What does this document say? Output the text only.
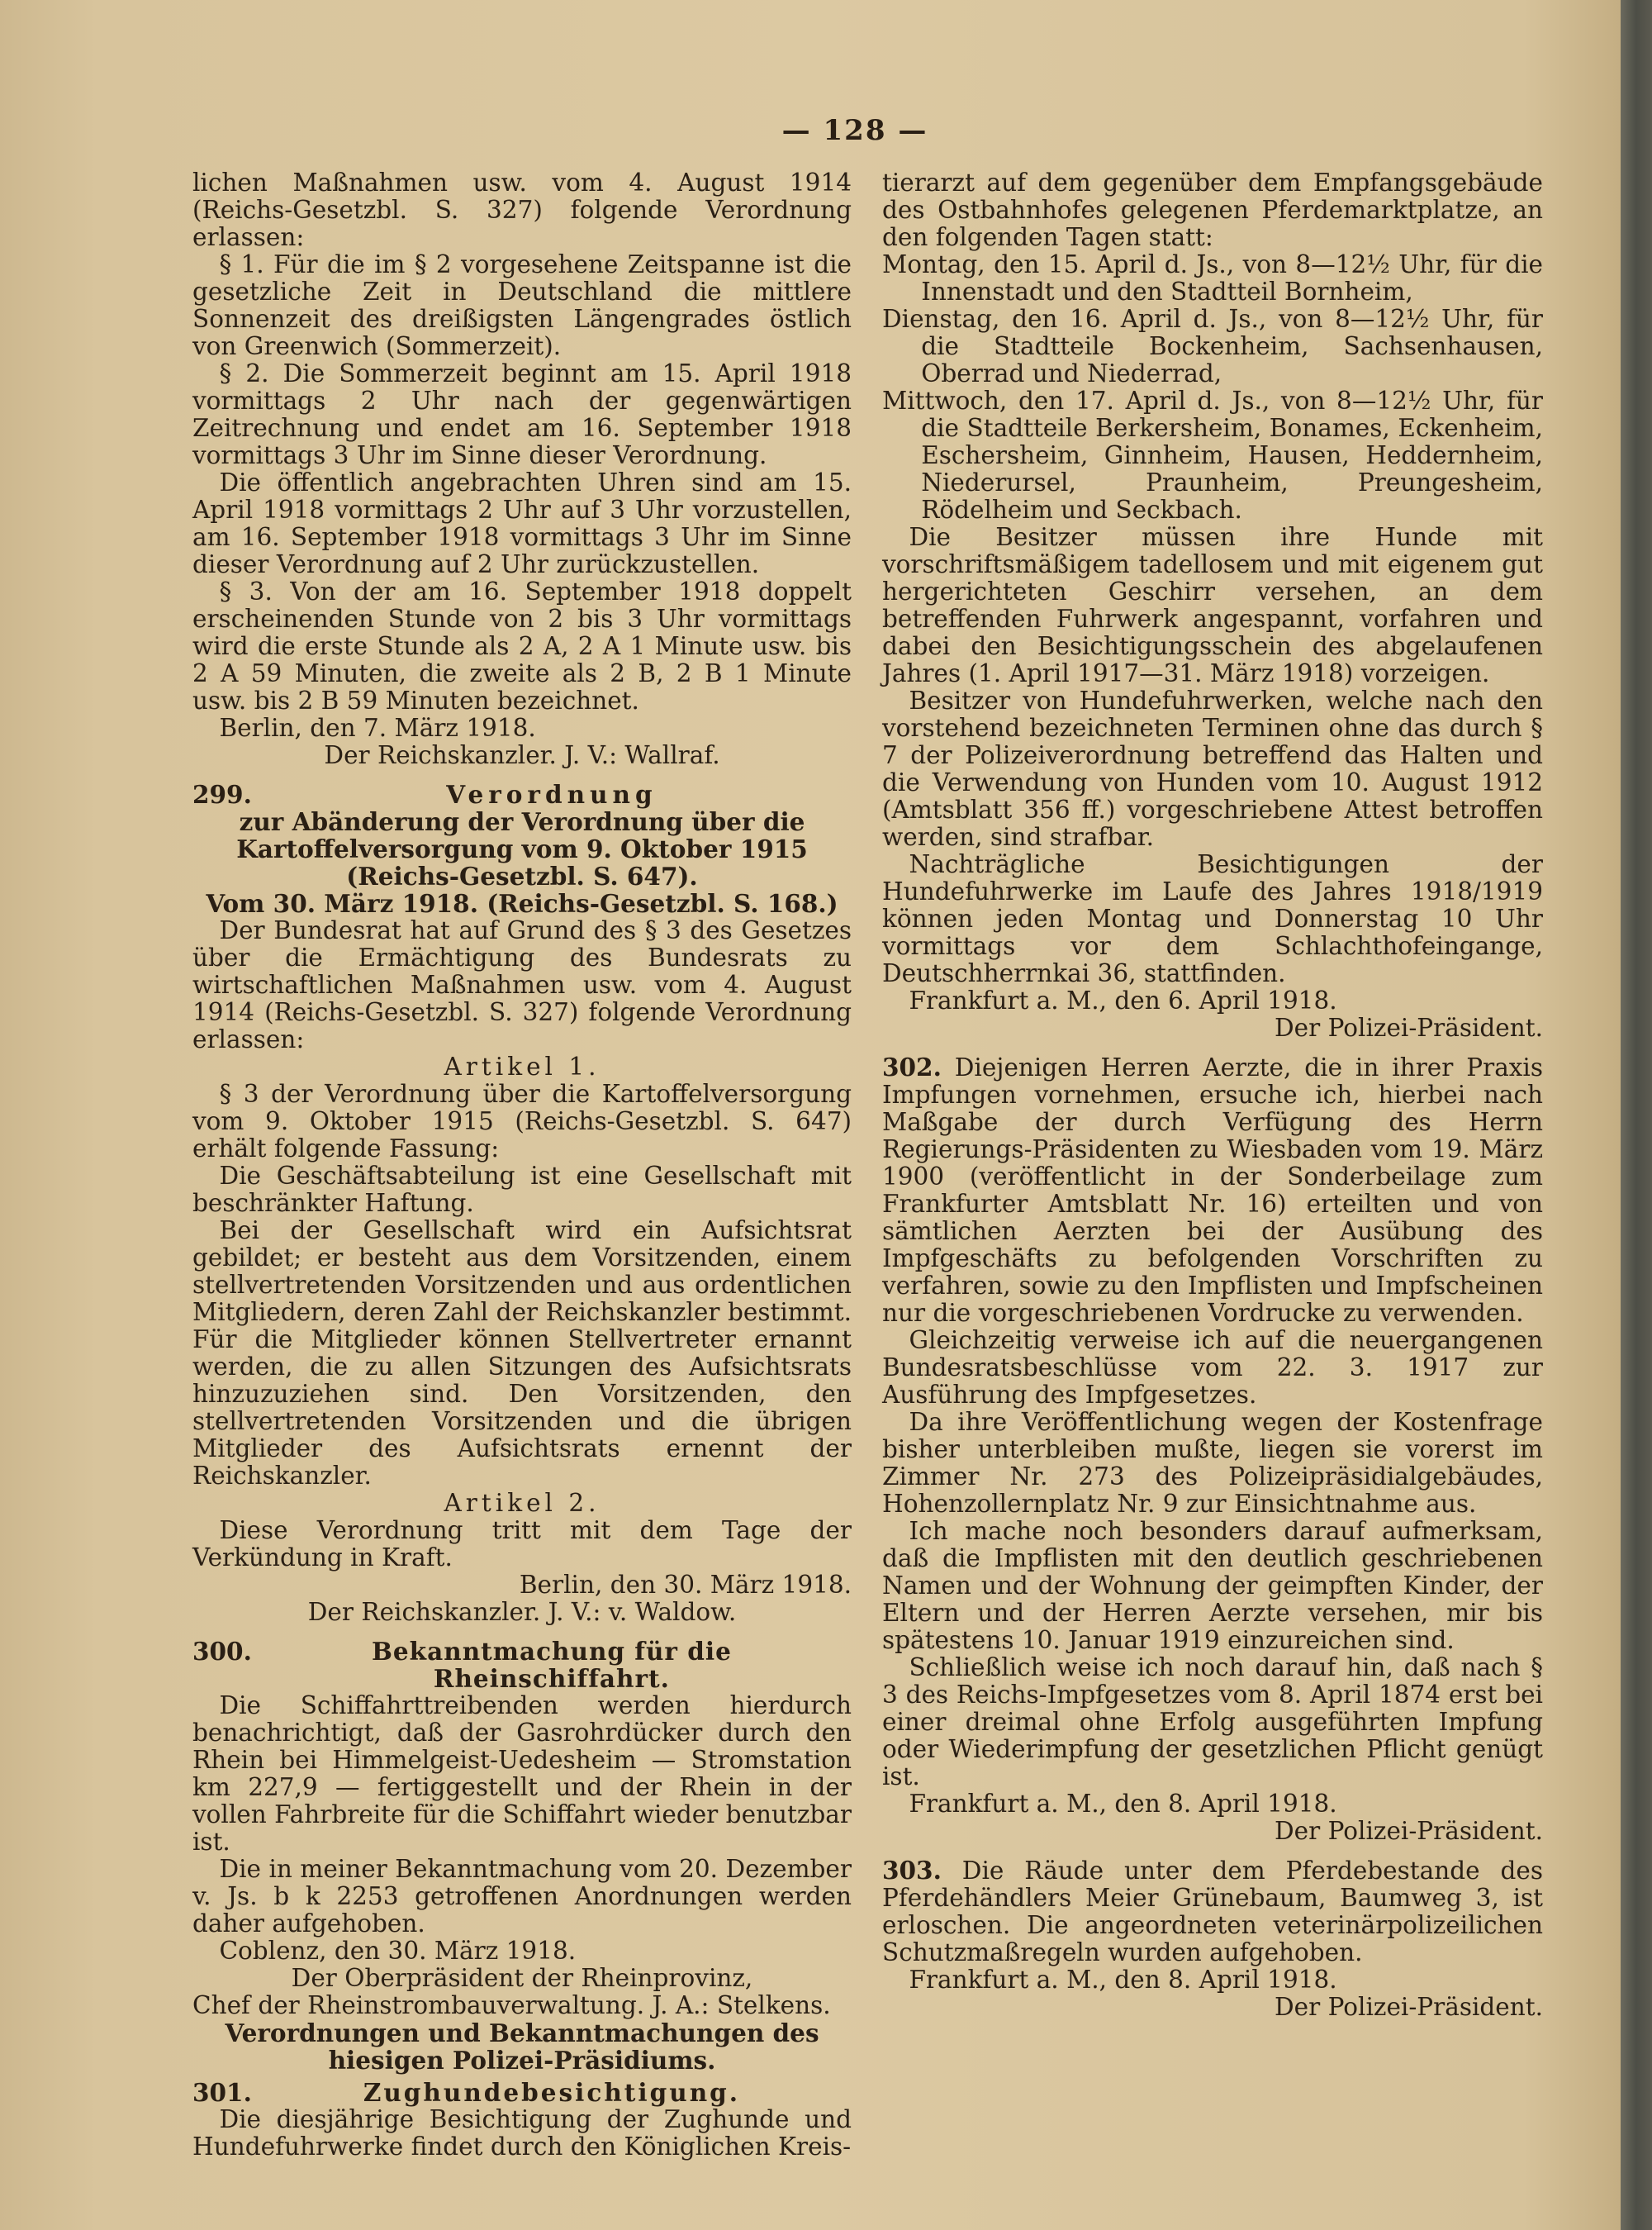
— 128 —

lichen Maßnahmen usw. vom 4. August 1914 (Reichs-Gesetzbl. S. 327) folgende Verordnung erlassen:

§ 1. Für die im § 2 vorgesehene Zeitspanne ist die gesetzliche Zeit in Deutschland die mittlere Sonnenzeit des dreißigsten Längengrades östlich von Greenwich (Sommerzeit).

§ 2. Die Sommerzeit beginnt am 15. April 1918 vormittags 2 Uhr nach der gegenwärtigen Zeitrechnung und endet am 16. September 1918 vormittags 3 Uhr im Sinne dieser Verordnung.

Die öffentlich angebrachten Uhren sind am 15. April 1918 vormittags 2 Uhr auf 3 Uhr vorzustellen, am 16. September 1918 vormittags 3 Uhr im Sinne dieser Verordnung auf 2 Uhr zurückzustellen.

§ 3. Von der am 16. September 1918 doppelt erscheinenden Stunde von 2 bis 3 Uhr vormittags wird die erste Stunde als 2 A, 2 A 1 Minute usw. bis 2 A 59 Minuten, die zweite als 2 B, 2 B 1 Minute usw. bis 2 B 59 Minuten bezeichnet.

Berlin, den 7. März 1918.

Der Reichskanzler. J. V.: Wallraf.

299.	Verordnung

zur Abänderung der Verordnung über die Kartoffelversorgung vom 9. Oktober 1915 (Reichs-Gesetzbl. S. 647).

Vom 30. März 1918. (Reichs-Gesetzbl. S. 168.)

Der Bundesrat hat auf Grund des § 3 des Gesetzes über die Ermächtigung des Bundesrats zu wirtschaftlichen Maßnahmen usw. vom 4. August 1914 (Reichs-Gesetzbl. S. 327) folgende Verordnung erlassen:

Artikel 1.

§ 3 der Verordnung über die Kartoffelversorgung vom 9. Oktober 1915 (Reichs-Gesetzbl. S. 647) erhält folgende Fassung:

Die Geschäftsabteilung ist eine Gesellschaft mit beschränkter Haftung.

Bei der Gesellschaft wird ein Aufsichtsrat gebildet; er besteht aus dem Vorsitzenden, einem stellvertretenden Vorsitzenden und aus ordentlichen Mitgliedern, deren Zahl der Reichskanzler bestimmt. Für die Mitglieder können Stellvertreter ernannt werden, die zu allen Sitzungen des Aufsichtsrats hinzuzuziehen sind. Den Vorsitzenden, den stellvertretenden Vorsitzenden und die übrigen Mitglieder des Aufsichtsrats ernennt der Reichskanzler.

Artikel 2.

Diese Verordnung tritt mit dem Tage der Verkündung in Kraft.

Berlin, den 30. März 1918.

Der Reichskanzler. J. V.: v. Waldow.

300.	Bekanntmachung für die Rheinschiffahrt.

Die Schiffahrttreibenden werden hierdurch benachrichtigt, daß der Gasrohrdücker durch den Rhein bei Himmelgeist-Uedesheim — Stromstation km 227,9 — fertiggestellt und der Rhein in der vollen Fahrbreite für die Schiffahrt wieder benutzbar ist.

Die in meiner Bekanntmachung vom 20. Dezember v. Js. b k 2253 getroffenen Anordnungen werden daher aufgehoben.

Coblenz, den 30. März 1918.

Der Oberpräsident der Rheinprovinz,

Chef der Rheinstrombauverwaltung. J. A.: Stelkens.

Verordnungen und Bekanntmachungen des hiesigen Polizei-Präsidiums.

301.	Zughundebesichtigung.

Die diesjährige Besichtigung der Zughunde und Hundefuhrwerke findet durch den Königlichen Kreis-

tierarzt auf dem gegenüber dem Empfangsgebäude des Ostbahnhofes gelegenen Pferdemarktplatze, an den folgenden Tagen statt:

Montag, den 15. April d. Js., von 8—12½ Uhr, für die Innenstadt und den Stadtteil Bornheim,

Dienstag, den 16. April d. Js., von 8—12½ Uhr, für die Stadtteile Bockenheim, Sachsenhausen, Oberrad und Niederrad,

Mittwoch, den 17. April d. Js., von 8—12½ Uhr, für die Stadtteile Berkersheim, Bonames, Eckenheim, Eschersheim, Ginnheim, Hausen, Heddernheim, Niederursel, Praunheim, Preungesheim, Rödelheim und Seckbach.

Die Besitzer müssen ihre Hunde mit vorschriftsmäßigem tadellosem und mit eigenem gut hergerichteten Geschirr versehen, an dem betreffenden Fuhrwerk angespannt, vorfahren und dabei den Besichtigungsschein des abgelaufenen Jahres (1. April 1917—31. März 1918) vorzeigen.

Besitzer von Hundefuhrwerken, welche nach den vorstehend bezeichneten Terminen ohne das durch § 7 der Polizeiverordnung betreffend das Halten und die Verwendung von Hunden vom 10. August 1912 (Amtsblatt 356 ff.) vorgeschriebene Attest betroffen werden, sind strafbar.

Nachträgliche Besichtigungen der Hundefuhrwerke im Laufe des Jahres 1918/1919 können jeden Montag und Donnerstag 10 Uhr vormittags vor dem Schlachthofeingange, Deutschherrnkai 36, stattfinden.

Frankfurt a. M., den 6. April 1918.

Der Polizei-Präsident.

302. Diejenigen Herren Aerzte, die in ihrer Praxis Impfungen vornehmen, ersuche ich, hierbei nach Maßgabe der durch Verfügung des Herrn Regierungs-Präsidenten zu Wiesbaden vom 19. März 1900 (veröffentlicht in der Sonderbeilage zum Frankfurter Amtsblatt Nr. 16) erteilten und von sämtlichen Aerzten bei der Ausübung des Impfgeschäfts zu befolgenden Vorschriften zu verfahren, sowie zu den Impflisten und Impfscheinen nur die vorgeschriebenen Vordrucke zu verwenden.

Gleichzeitig verweise ich auf die neuergangenen Bundesratsbeschlüsse vom 22. 3. 1917 zur Ausführung des Impfgesetzes.

Da ihre Veröffentlichung wegen der Kostenfrage bisher unterbleiben mußte, liegen sie vorerst im Zimmer Nr. 273 des Polizeipräsidialgebäudes, Hohenzollernplatz Nr. 9 zur Einsichtnahme aus.

Ich mache noch besonders darauf aufmerksam, daß die Impflisten mit den deutlich geschriebenen Namen und der Wohnung der geimpften Kinder, der Eltern und der Herren Aerzte versehen, mir bis spätestens 10. Januar 1919 einzureichen sind.

Schließlich weise ich noch darauf hin, daß nach § 3 des Reichs-Impfgesetzes vom 8. April 1874 erst bei einer dreimal ohne Erfolg ausgeführten Impfung oder Wiederimpfung der gesetzlichen Pflicht genügt ist.

Frankfurt a. M., den 8. April 1918.

Der Polizei-Präsident.

303. Die Räude unter dem Pferdebestande des Pferdehändlers Meier Grünebaum, Baumweg 3, ist erloschen. Die angeordneten veterinärpolizeilichen Schutzmaßregeln wurden aufgehoben.

Frankfurt a. M., den 8. April 1918.

Der Polizei-Präsident.
